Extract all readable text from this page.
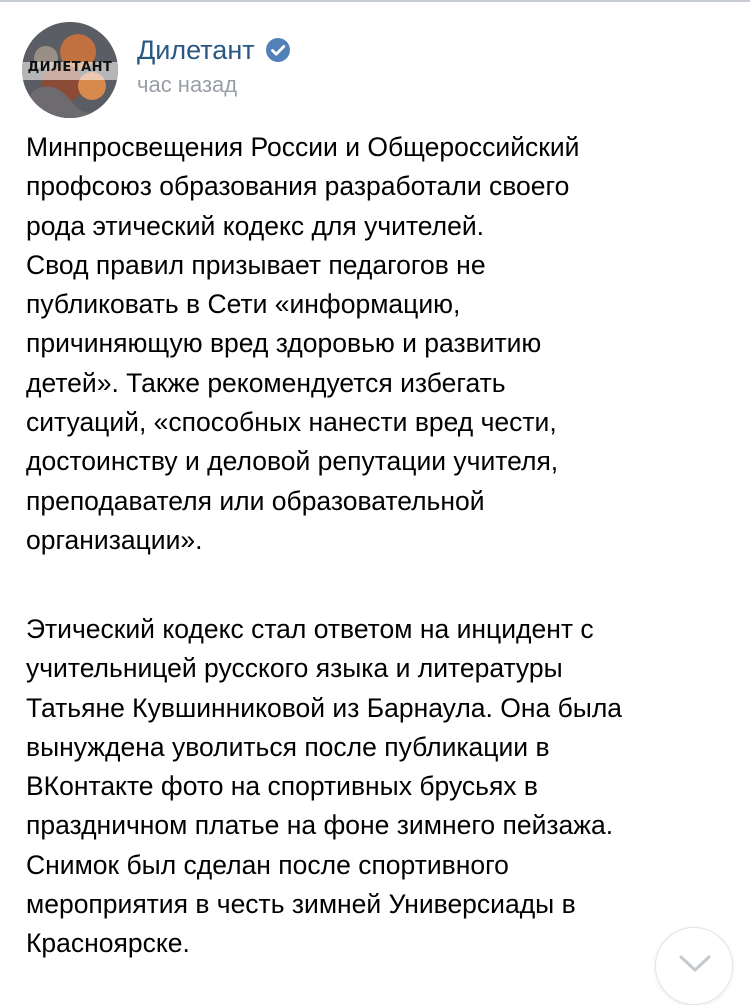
ДИЛЕТАНТ
Дилетант
час назад
Минпросвещения России и Общероссийский
профсоюз образования разработали своего
рода этический кодекс для учителей.
Свод правил призывает педагогов не
публиковать в Сети «информацию,
причиняющую вред здоровью и развитию
детей». Также рекомендуется избегать
ситуаций, «способных нанести вред чести,
достоинству и деловой репутации учителя,
преподавателя или образовательной
организации».
Этический кодекс стал ответом на инцидент с
учительницей русского языка и литературы
Татьяне Кувшинниковой из Барнаула. Она была
вынуждена уволиться после публикации в
ВКонтакте фото на спортивных брусьях в
праздничном платье на фоне зимнего пейзажа.
Снимок был сделан после спортивного
мероприятия в честь зимней Универсиады в
Красноярске.
